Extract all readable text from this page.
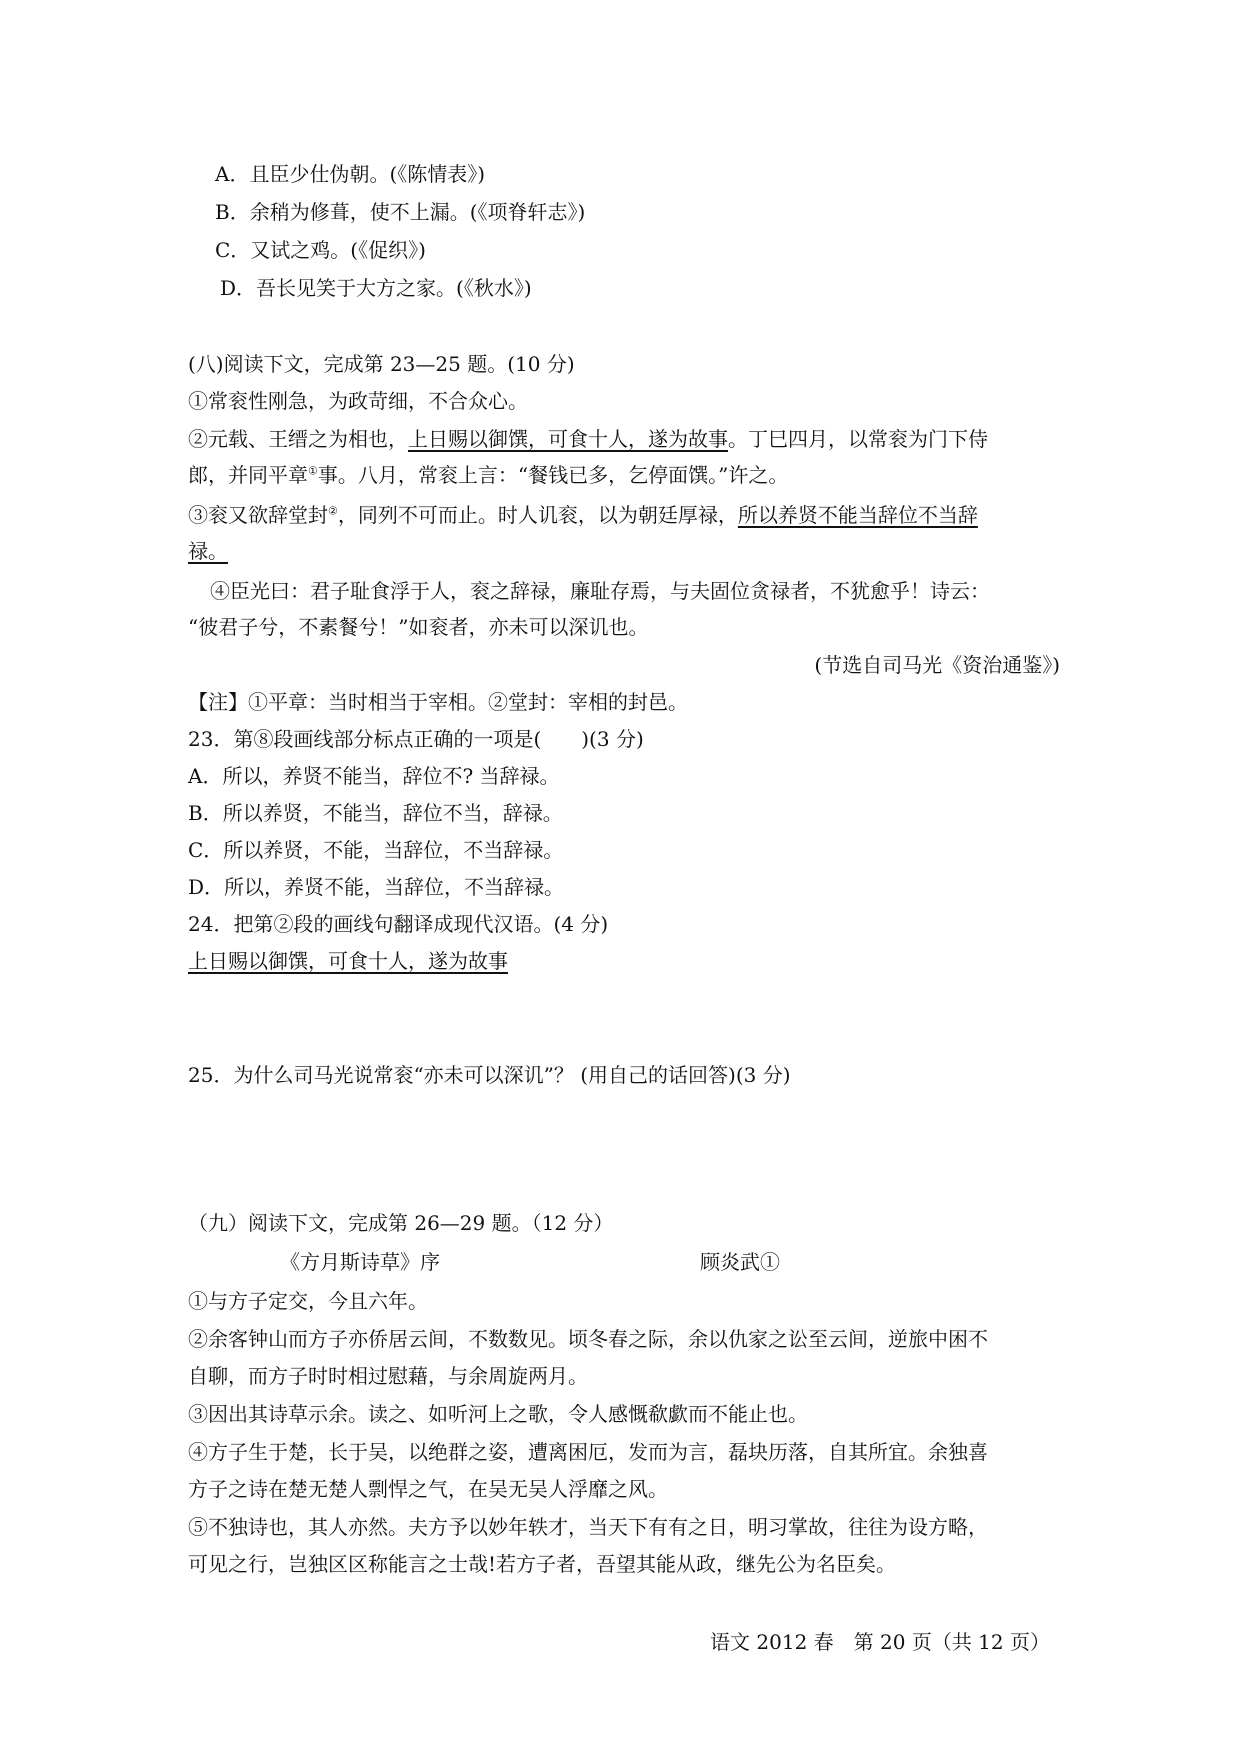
A．且臣少仕伪朝。(《陈情表》)
B．余稍为修葺，使不上漏。(《项脊轩志》)
C．又试之鸡。(《促织》)
D．吾长见笑于大方之家。(《秋水》)
(八)阅读下文，完成第 23—25 题。(10 分)
①常衮性刚急，为政苛细，不合众心。
②元载、王缙之为相也，上日赐以御馔，可食十人，遂为故事。丁巳四月，以常衮为门下侍
郎，并同平章①事。八月，常衮上言：“餐钱已多，乞停面馔。”许之。
③衮又欲辞堂封②，同列不可而止。时人讥衮，以为朝廷厚禄，所以养贤不能当辞位不当辞
禄。
④臣光曰：君子耻食浮于人，衮之辞禄，廉耻存焉，与夫固位贪禄者，不犹愈乎！诗云：
“彼君子兮，不素餐兮！”如衮者，亦未可以深讥也。
(节选自司马光《资治通鉴》)
【注】①平章：当时相当于宰相。②堂封：宰相的封邑。
23．第⑧段画线部分标点正确的一项是(　　)(3 分)
A．所以，养贤不能当，辞位不? 当辞禄。
B．所以养贤，不能当，辞位不当，辞禄。
C．所以养贤，不能，当辞位，不当辞禄。
D．所以，养贤不能，当辞位，不当辞禄。
24．把第②段的画线句翻译成现代汉语。(4 分)
上日赐以御馔，可食十人，遂为故事
25．为什么司马光说常衮“亦未可以深讥”？ (用自己的话回答)(3 分)
（九）阅读下文，完成第 26—29 题。（12 分）
《方月斯诗草》序	顾炎武①
①与方子定交，今且六年。
②余客钟山而方子亦侨居云间，不数数见。顷冬春之际，余以仇家之讼至云间，逆旅中困不
自聊，而方子时时相过慰藉，与余周旋两月。
③因出其诗草示余。读之、如听河上之歌，令人感慨欷歔而不能止也。
④方子生于楚，长于吴，以绝群之姿，遭离困厄，发而为言，磊块历落，自其所宜。余独喜
方子之诗在楚无楚人剽悍之气，在吴无吴人浮靡之风。
⑤不独诗也，其人亦然。夫方予以妙年轶才，当天下有有之日，明习掌故，往往为设方略，
可见之行，岂独区区称能言之士哉!若方子者，吾望其能从政，继先公为名臣矣。
语文 2012 春　第 20 页（共 12 页）
